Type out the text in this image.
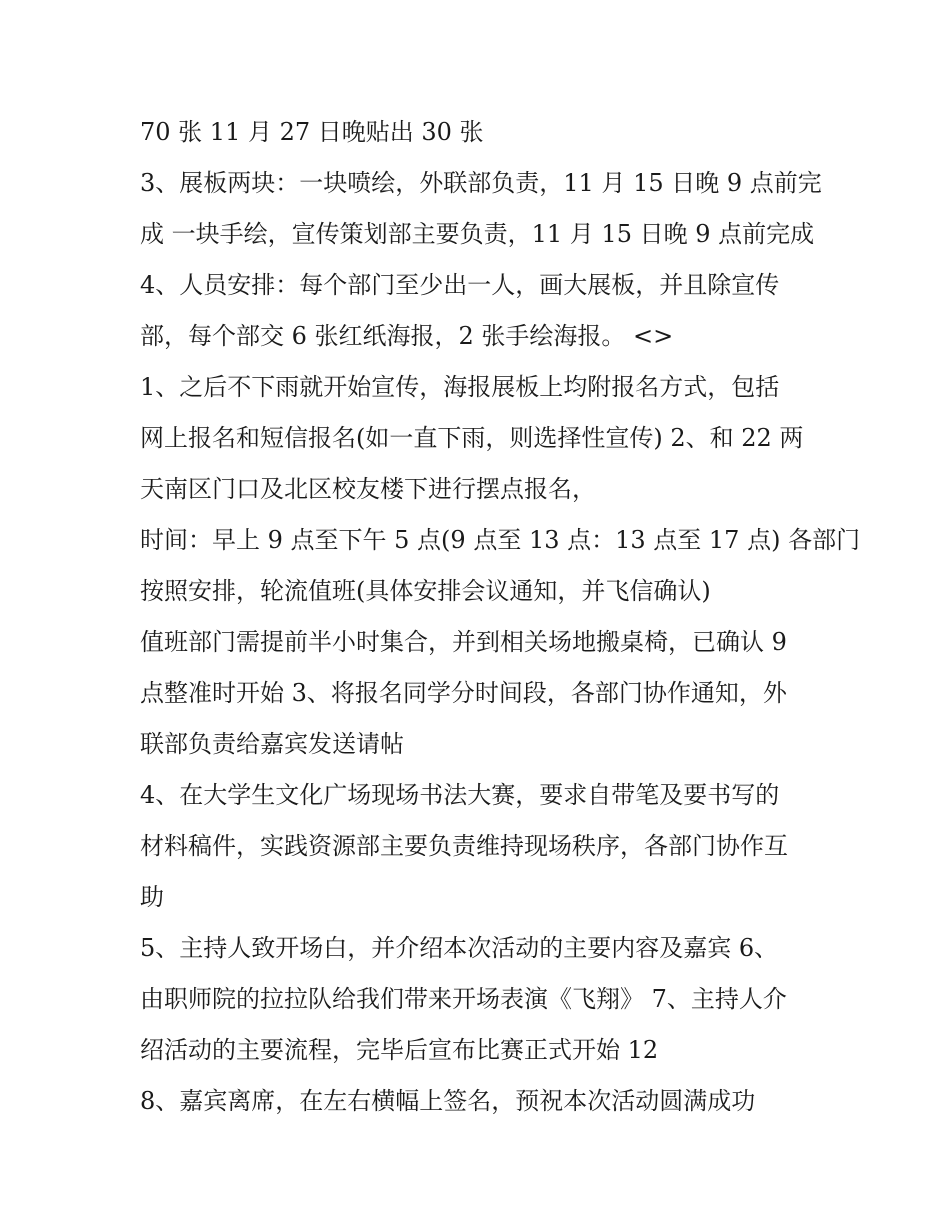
70 张 11 月 27 日晚贴出 30 张
3、展板两块：一块喷绘，外联部负责，11 月 15 日晚 9 点前完
成 一块手绘，宣传策划部主要负责，11 月 15 日晚 9 点前完成
4、人员安排：每个部门至少出一人，画大展板，并且除宣传
部，每个部交 6 张红纸海报，2 张手绘海报。 <>
1、之后不下雨就开始宣传，海报展板上均附报名方式，包括
网上报名和短信报名(如一直下雨，则选择性宣传) 2、和 22 两
天南区门口及北区校友楼下进行摆点报名，
时间：早上 9 点至下午 5 点(9 点至 13 点：13 点至 17 点) 各部门
按照安排，轮流值班(具体安排会议通知，并飞信确认)
值班部门需提前半小时集合，并到相关场地搬桌椅，已确认 9
点整准时开始 3、将报名同学分时间段，各部门协作通知，外
联部负责给嘉宾发送请帖
4、在大学生文化广场现场书法大赛，要求自带笔及要书写的
材料稿件，实践资源部主要负责维持现场秩序，各部门协作互
助
5、主持人致开场白，并介绍本次活动的主要内容及嘉宾 6、
由职师院的拉拉队给我们带来开场表演《飞翔》 7、主持人介
绍活动的主要流程，完毕后宣布比赛正式开始 12
8、嘉宾离席，在左右横幅上签名，预祝本次活动圆满成功
